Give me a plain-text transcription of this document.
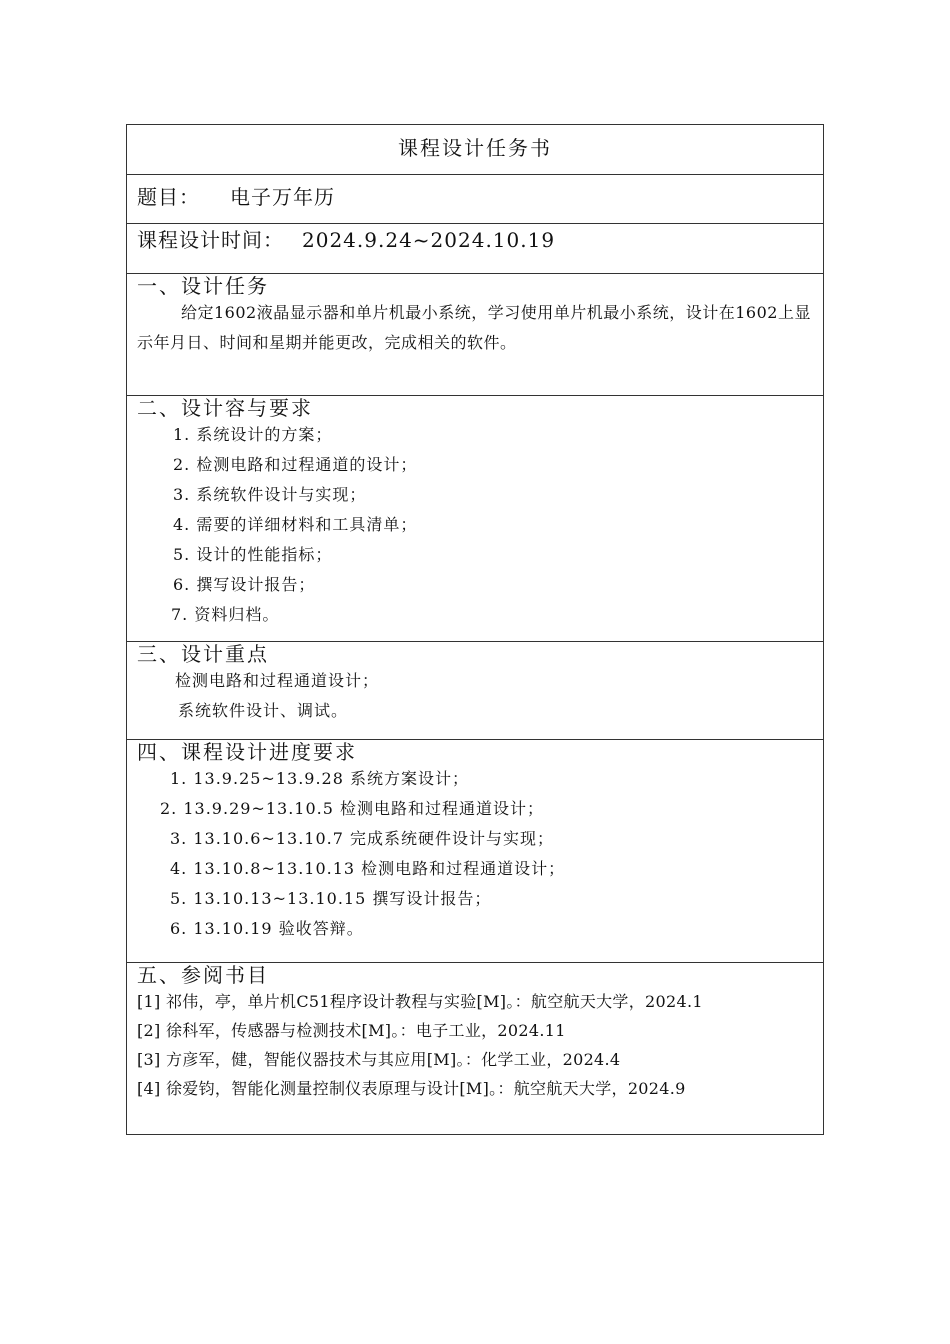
课程设计任务书
题目： 电子万年历
课程设计时间： 2024.9.24~2024.10.19
一、设计任务
给定1602液晶显示器和单片机最小系统，学习使用单片机最小系统，设计在1602上显示年月日、时间和星期并能更改，完成相关的软件。
二、设计容与要求
1. 系统设计的方案；
2. 检测电路和过程通道的设计；
3. 系统软件设计与实现；
4. 需要的详细材料和工具清单；
5. 设计的性能指标；
6. 撰写设计报告；
7. 资料归档。
三、设计重点
检测电路和过程通道设计；
系统软件设计、调试。
四、课程设计进度要求
1. 13.9.25~13.9.28 系统方案设计；
2. 13.9.29~13.10.5 检测电路和过程通道设计；
3. 13.10.6~13.10.7 完成系统硬件设计与实现；
4. 13.10.8~13.10.13 检测电路和过程通道设计；
5. 13.10.13~13.10.15 撰写设计报告；
6. 13.10.19 验收答辩。
五、参阅书目
[1] 祁伟，亭，单片机C51程序设计教程与实验[M]。：航空航天大学，2024.1
[2] 徐科军，传感器与检测技术[M]。：电子工业，2024.11
[3] 方彦军，健，智能仪器技术与其应用[M]。：化学工业，2024.4
[4] 徐爱钧，智能化测量控制仪表原理与设计[M]。：航空航天大学，2024.9
